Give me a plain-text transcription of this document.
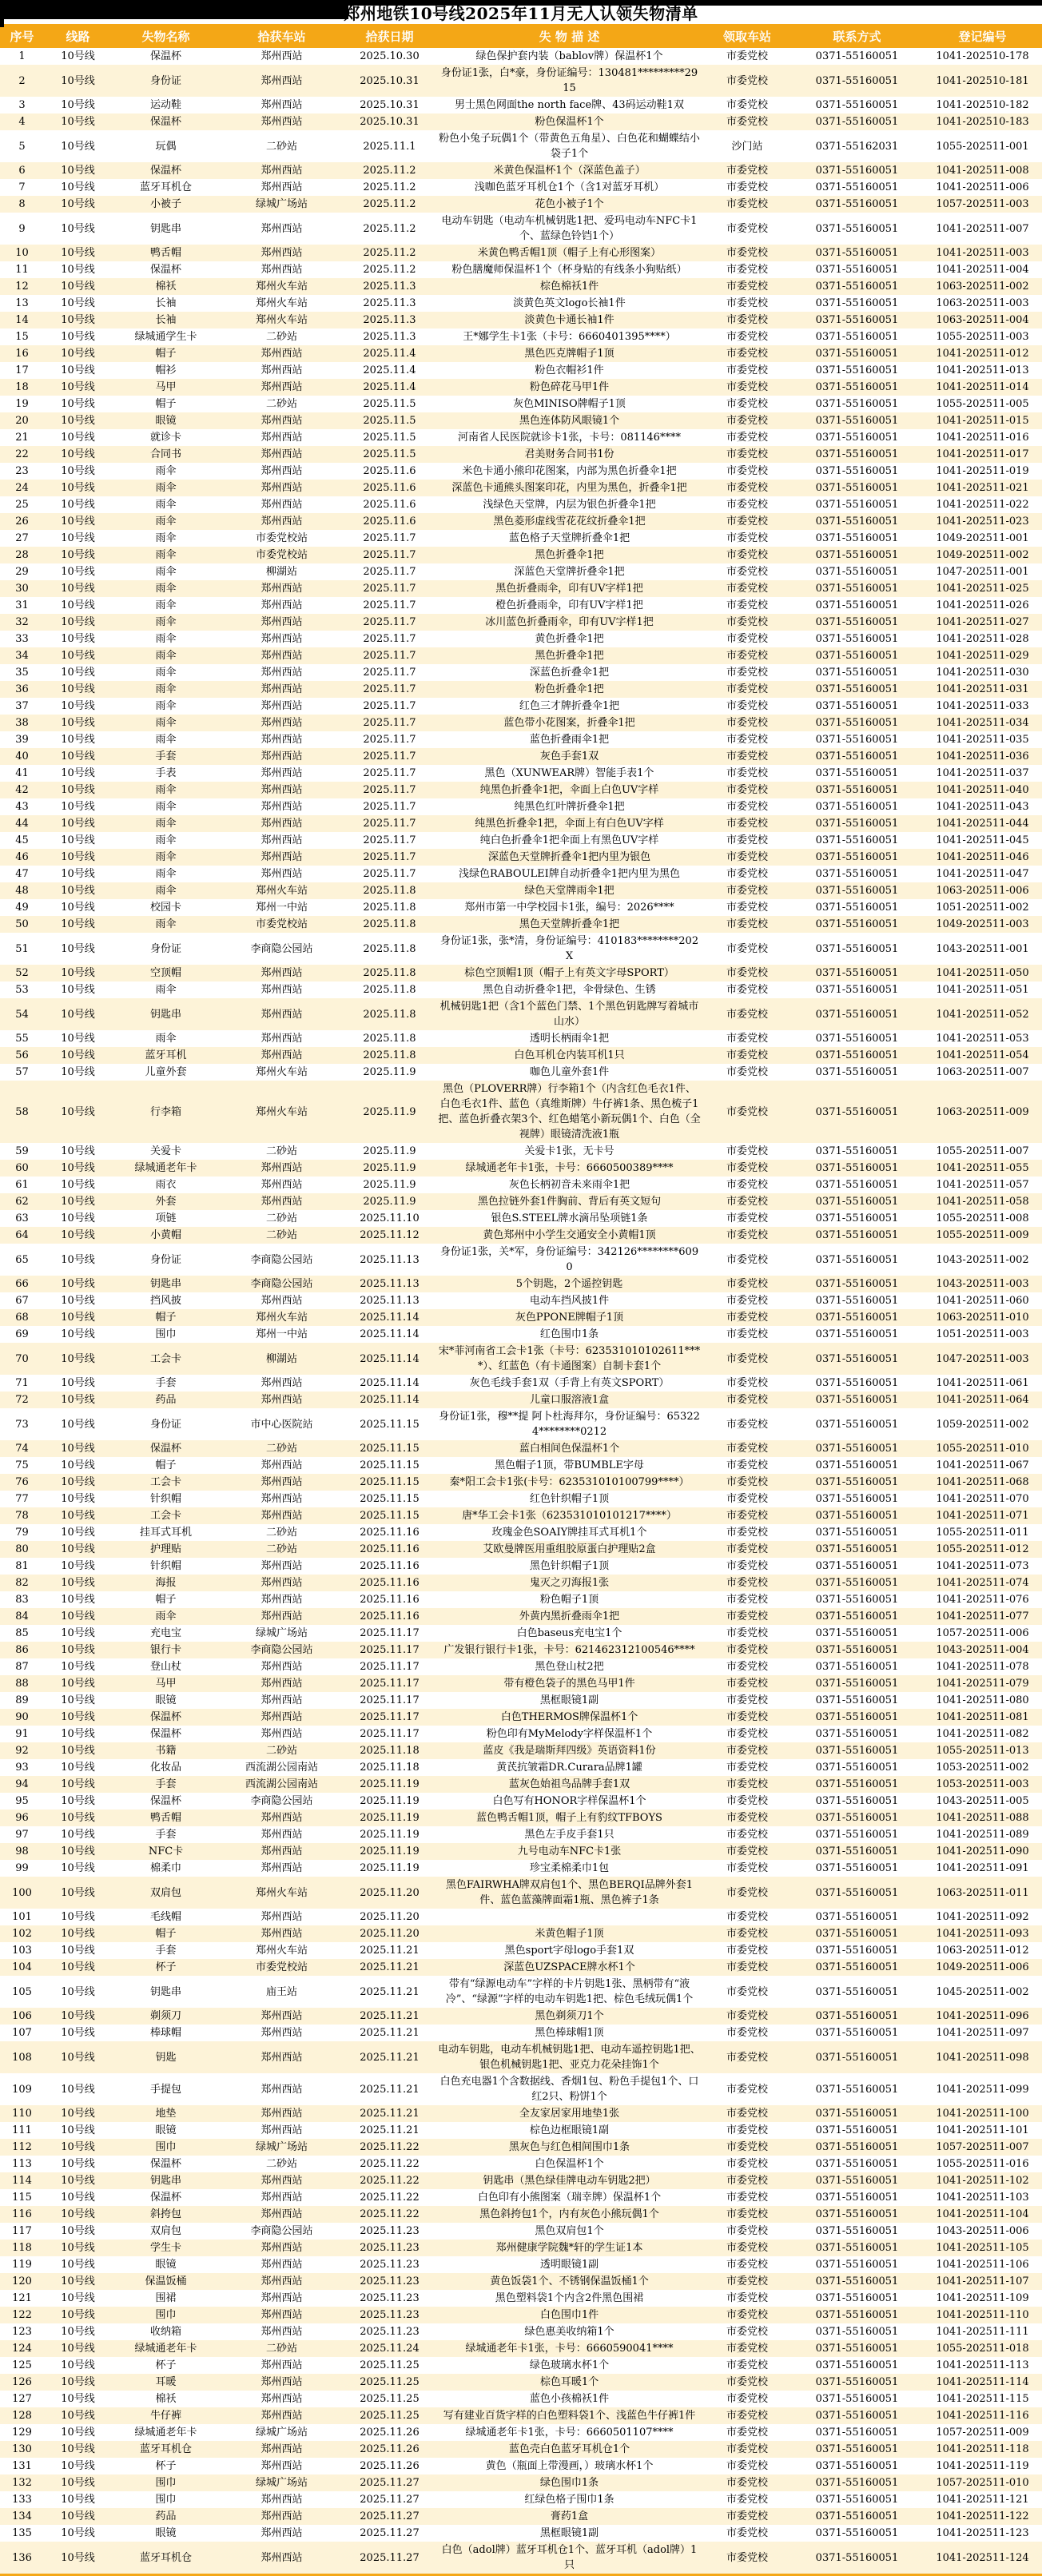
郑州地铁10号线2025年11月无人认领失物清单
序号	线路	失物名称	拾获车站	拾获日期	失 物 描 述	领取车站	联系方式	登记编号
1	10号线	保温杯	郑州西站	2025.10.30	绿色保护套内装（bablov牌）保温杯1个	市委党校	0371-55160051	1041-202510-178
2	10号线	身份证	郑州西站	2025.10.31	身份证1张，白*豪，身份证编号：130481*********2915	市委党校	0371-55160051	1041-202510-181
3	10号线	运动鞋	郑州西站	2025.10.31	男士黑色网面the north face牌、43码运动鞋1双	市委党校	0371-55160051	1041-202510-182
4	10号线	保温杯	郑州西站	2025.10.31	粉色保温杯1个	市委党校	0371-55160051	1041-202510-183
5	10号线	玩偶	二砂站	2025.11.1	粉色小兔子玩偶1个（带黄色五角星）、白色花和蝴蝶结小袋子1个	沙门站	0371-55162031	1055-202511-001
6	10号线	保温杯	郑州西站	2025.11.2	米黄色保温杯1个（深蓝色盖子）	市委党校	0371-55160051	1041-202511-008
7	10号线	蓝牙耳机仓	郑州西站	2025.11.2	浅咖色蓝牙耳机仓1个（含1对蓝牙耳机）	市委党校	0371-55160051	1041-202511-006
8	10号线	小被子	绿城广场站	2025.11.2	花色小被子1个	市委党校	0371-55160051	1057-202511-003
9	10号线	钥匙串	郑州西站	2025.11.2	电动车钥匙（电动车机械钥匙1把、爱玛电动车NFC卡1个、蓝绿色铃铛1个）	市委党校	0371-55160051	1041-202511-007
10	10号线	鸭舌帽	郑州西站	2025.11.2	米黄色鸭舌帽1顶（帽子上有心形图案）	市委党校	0371-55160051	1041-202511-003
11	10号线	保温杯	郑州西站	2025.11.2	粉色膳魔师保温杯1个（杯身贴的有线条小狗贴纸）	市委党校	0371-55160051	1041-202511-004
12	10号线	棉袄	郑州火车站	2025.11.3	棕色棉袄1件	市委党校	0371-55160051	1063-202511-002
13	10号线	长袖	郑州火车站	2025.11.3	淡黄色英文logo长袖1件	市委党校	0371-55160051	1063-202511-003
14	10号线	长袖	郑州火车站	2025.11.3	淡黄色卡通长袖1件	市委党校	0371-55160051	1063-202511-004
15	10号线	绿城通学生卡	二砂站	2025.11.3	王*娜学生卡1张（卡号：6660401395****）	市委党校	0371-55160051	1055-202511-003
16	10号线	帽子	郑州西站	2025.11.4	黑色匹克牌帽子1顶	市委党校	0371-55160051	1041-202511-012
17	10号线	帽衫	郑州西站	2025.11.4	粉色衣帽衫1件	市委党校	0371-55160051	1041-202511-013
18	10号线	马甲	郑州西站	2025.11.4	粉色碎花马甲1件	市委党校	0371-55160051	1041-202511-014
19	10号线	帽子	二砂站	2025.11.5	灰色MINISO牌帽子1顶	市委党校	0371-55160051	1055-202511-005
20	10号线	眼镜	郑州西站	2025.11.5	黑色连体防风眼镜1个	市委党校	0371-55160051	1041-202511-015
21	10号线	就诊卡	郑州西站	2025.11.5	河南省人民医院就诊卡1张，卡号：081146****	市委党校	0371-55160051	1041-202511-016
22	10号线	合同书	郑州西站	2025.11.5	君美财务合同书1份	市委党校	0371-55160051	1041-202511-017
23	10号线	雨伞	郑州西站	2025.11.6	米色卡通小熊印花图案，内部为黑色折叠伞1把	市委党校	0371-55160051	1041-202511-019
24	10号线	雨伞	郑州西站	2025.11.6	深蓝色卡通熊头图案印花，内里为黑色，折叠伞1把	市委党校	0371-55160051	1041-202511-021
25	10号线	雨伞	郑州西站	2025.11.6	浅绿色天堂牌，内层为银色折叠伞1把	市委党校	0371-55160051	1041-202511-022
26	10号线	雨伞	郑州西站	2025.11.6	黑色菱形虚线雪花花纹折叠伞1把	市委党校	0371-55160051	1041-202511-023
27	10号线	雨伞	市委党校站	2025.11.7	蓝色格子天堂牌折叠伞1把	市委党校	0371-55160051	1049-202511-001
28	10号线	雨伞	市委党校站	2025.11.7	黑色折叠伞1把	市委党校	0371-55160051	1049-202511-002
29	10号线	雨伞	柳湖站	2025.11.7	深蓝色天堂牌折叠伞1把	市委党校	0371-55160051	1047-202511-001
30	10号线	雨伞	郑州西站	2025.11.7	黑色折叠雨伞，印有UV字样1把	市委党校	0371-55160051	1041-202511-025
31	10号线	雨伞	郑州西站	2025.11.7	橙色折叠雨伞，印有UV字样1把	市委党校	0371-55160051	1041-202511-026
32	10号线	雨伞	郑州西站	2025.11.7	冰川蓝色折叠雨伞，印有UV字样1把	市委党校	0371-55160051	1041-202511-027
33	10号线	雨伞	郑州西站	2025.11.7	黄色折叠伞1把	市委党校	0371-55160051	1041-202511-028
34	10号线	雨伞	郑州西站	2025.11.7	黑色折叠伞1把	市委党校	0371-55160051	1041-202511-029
35	10号线	雨伞	郑州西站	2025.11.7	深蓝色折叠伞1把	市委党校	0371-55160051	1041-202511-030
36	10号线	雨伞	郑州西站	2025.11.7	粉色折叠伞1把	市委党校	0371-55160051	1041-202511-031
37	10号线	雨伞	郑州西站	2025.11.7	红色三才牌折叠伞1把	市委党校	0371-55160051	1041-202511-033
38	10号线	雨伞	郑州西站	2025.11.7	蓝色带小花图案，折叠伞1把	市委党校	0371-55160051	1041-202511-034
39	10号线	雨伞	郑州西站	2025.11.7	蓝色折叠雨伞1把	市委党校	0371-55160051	1041-202511-035
40	10号线	手套	郑州西站	2025.11.7	灰色手套1双	市委党校	0371-55160051	1041-202511-036
41	10号线	手表	郑州西站	2025.11.7	黑色（XUNWEAR牌）智能手表1个	市委党校	0371-55160051	1041-202511-037
42	10号线	雨伞	郑州西站	2025.11.7	纯黑色折叠伞1把，伞面上白色UV字样	市委党校	0371-55160051	1041-202511-040
43	10号线	雨伞	郑州西站	2025.11.7	纯黑色红叶牌折叠伞1把	市委党校	0371-55160051	1041-202511-043
44	10号线	雨伞	郑州西站	2025.11.7	纯黑色折叠伞1把，伞面上有白色UV字样	市委党校	0371-55160051	1041-202511-044
45	10号线	雨伞	郑州西站	2025.11.7	纯白色折叠伞1把伞面上有黑色UV字样	市委党校	0371-55160051	1041-202511-045
46	10号线	雨伞	郑州西站	2025.11.7	深蓝色天堂牌折叠伞1把内里为银色	市委党校	0371-55160051	1041-202511-046
47	10号线	雨伞	郑州西站	2025.11.7	浅绿色RABOULEI牌自动折叠伞1把内里为黑色	市委党校	0371-55160051	1041-202511-047
48	10号线	雨伞	郑州火车站	2025.11.8	绿色天堂牌雨伞1把	市委党校	0371-55160051	1063-202511-006
49	10号线	校园卡	郑州一中站	2025.11.8	郑州市第一中学校园卡1张，编号：2026****	市委党校	0371-55160051	1051-202511-002
50	10号线	雨伞	市委党校站	2025.11.8	黑色天堂牌折叠伞1把	市委党校	0371-55160051	1049-202511-003
51	10号线	身份证	李商隐公园站	2025.11.8	身份证1张，张*清，身份证编号：410183********202X	市委党校	0371-55160051	1043-202511-001
52	10号线	空顶帽	郑州西站	2025.11.8	棕色空顶帽1顶（帽子上有英文字母SPORT）	市委党校	0371-55160051	1041-202511-050
53	10号线	雨伞	郑州西站	2025.11.8	黑色自动折叠伞1把，伞骨绿色、生锈	市委党校	0371-55160051	1041-202511-051
54	10号线	钥匙串	郑州西站	2025.11.8	机械钥匙1把（含1个蓝色门禁、1个黑色钥匙牌写着城市山水）	市委党校	0371-55160051	1041-202511-052
55	10号线	雨伞	郑州西站	2025.11.8	透明长柄雨伞1把	市委党校	0371-55160051	1041-202511-053
56	10号线	蓝牙耳机	郑州西站	2025.11.8	白色耳机仓内装耳机1只	市委党校	0371-55160051	1041-202511-054
57	10号线	儿童外套	郑州火车站	2025.11.9	咖色儿童外套1件	市委党校	0371-55160051	1063-202511-007
58	10号线	行李箱	郑州火车站	2025.11.9	黑色（PLOVERR牌）行李箱1个（内含红色毛衣1件、白色毛衣1件、蓝色（真维斯牌）牛仔裤1条、黑色梳子1把、蓝色折叠衣架3个、红色蜡笔小新玩偶1个、白色（全视牌）眼镜清洗液1瓶	市委党校	0371-55160051	1063-202511-009
59	10号线	关爱卡	二砂站	2025.11.9	关爱卡1张，无卡号	市委党校	0371-55160051	1055-202511-007
60	10号线	绿城通老年卡	郑州西站	2025.11.9	绿城通老年卡1张，卡号：6660500389****	市委党校	0371-55160051	1041-202511-055
61	10号线	雨衣	郑州西站	2025.11.9	灰色长柄初音未来雨伞1把	市委党校	0371-55160051	1041-202511-057
62	10号线	外套	郑州西站	2025.11.9	黑色拉链外套1件胸前、背后有英文短句	市委党校	0371-55160051	1041-202511-058
63	10号线	项链	二砂站	2025.11.10	银色S.STEEL牌水滴吊坠项链1条	市委党校	0371-55160051	1055-202511-008
64	10号线	小黄帽	二砂站	2025.11.12	黄色郑州中小学生交通安全小黄帽1顶	市委党校	0371-55160051	1055-202511-009
65	10号线	身份证	李商隐公园站	2025.11.13	身份证1张，关*军，身份证编号：342126********6090	市委党校	0371-55160051	1043-202511-002
66	10号线	钥匙串	李商隐公园站	2025.11.13	5个钥匙，2个遥控钥匙	市委党校	0371-55160051	1043-202511-003
67	10号线	挡风披	郑州西站	2025.11.13	电动车挡风披1件	市委党校	0371-55160051	1041-202511-060
68	10号线	帽子	郑州火车站	2025.11.14	灰色PPONE牌帽子1顶	市委党校	0371-55160051	1063-202511-010
69	10号线	围巾	郑州一中站	2025.11.14	红色围巾1条	市委党校	0371-55160051	1051-202511-003
70	10号线	工会卡	柳湖站	2025.11.14	宋*菲河南省工会卡1张（卡号：623531010102611****）、红蓝色（有卡通图案）自制卡套1个	市委党校	0371-55160051	1047-202511-003
71	10号线	手套	郑州西站	2025.11.14	灰色毛线手套1双（手背上有英文SPORT）	市委党校	0371-55160051	1041-202511-061
72	10号线	药品	郑州西站	2025.11.14	儿童口服溶液1盒	市委党校	0371-55160051	1041-202511-064
73	10号线	身份证	市中心医院站	2025.11.15	身份证1张，穆**提 阿卜杜海拜尔，身份证编号：653224********0212	市委党校	0371-55160051	1059-202511-002
74	10号线	保温杯	二砂站	2025.11.15	蓝白相间色保温杯1个	市委党校	0371-55160051	1055-202511-010
75	10号线	帽子	郑州西站	2025.11.15	黑色帽子1顶，带BUMBLE字母	市委党校	0371-55160051	1041-202511-067
76	10号线	工会卡	郑州西站	2025.11.15	秦*阳工会卡1张(卡号：623531010100799****）	市委党校	0371-55160051	1041-202511-068
77	10号线	针织帽	郑州西站	2025.11.15	红色针织帽子1顶	市委党校	0371-55160051	1041-202511-070
78	10号线	工会卡	郑州西站	2025.11.15	唐*华工会卡1张（623531010101217****）	市委党校	0371-55160051	1041-202511-071
79	10号线	挂耳式耳机	二砂站	2025.11.16	玫瑰金色SOAIY牌挂耳式耳机1个	市委党校	0371-55160051	1055-202511-011
80	10号线	护理贴	二砂站	2025.11.16	艾欧曼牌医用重组胶原蛋白护理贴2盒	市委党校	0371-55160051	1055-202511-012
81	10号线	针织帽	郑州西站	2025.11.16	黑色针织帽子1顶	市委党校	0371-55160051	1041-202511-073
82	10号线	海报	郑州西站	2025.11.16	鬼灭之刃海报1张	市委党校	0371-55160051	1041-202511-074
83	10号线	帽子	郑州西站	2025.11.16	粉色帽子1顶	市委党校	0371-55160051	1041-202511-076
84	10号线	雨伞	郑州西站	2025.11.16	外黄内黑折叠雨伞1把	市委党校	0371-55160051	1041-202511-077
85	10号线	充电宝	绿城广场站	2025.11.17	白色baseus充电宝1个	市委党校	0371-55160051	1057-202511-006
86	10号线	银行卡	李商隐公园站	2025.11.17	广发银行银行卡1张，卡号：621462312100546****	市委党校	0371-55160051	1043-202511-004
87	10号线	登山杖	郑州西站	2025.11.17	黑色登山杖2把	市委党校	0371-55160051	1041-202511-078
88	10号线	马甲	郑州西站	2025.11.17	带有橙色袋子的黑色马甲1件	市委党校	0371-55160051	1041-202511-079
89	10号线	眼镜	郑州西站	2025.11.17	黑框眼镜1副	市委党校	0371-55160051	1041-202511-080
90	10号线	保温杯	郑州西站	2025.11.17	白色THERMOS牌保温杯1个	市委党校	0371-55160051	1041-202511-081
91	10号线	保温杯	郑州西站	2025.11.17	粉色印有MyMelody字样保温杯1个	市委党校	0371-55160051	1041-202511-082
92	10号线	书籍	二砂站	2025.11.18	蓝皮《我是瑞斯拜四级》英语资料1份	市委党校	0371-55160051	1055-202511-013
93	10号线	化妆品	西流湖公园南站	2025.11.18	黄芪抗皱霜DR.Curara品牌1罐	市委党校	0371-55160051	1053-202511-002
94	10号线	手套	西流湖公园南站	2025.11.19	蓝灰色始祖鸟品牌手套1双	市委党校	0371-55160051	1053-202511-003
95	10号线	保温杯	李商隐公园站	2025.11.19	白色写有HONOR字样保温杯1个	市委党校	0371-55160051	1043-202511-005
96	10号线	鸭舌帽	郑州西站	2025.11.19	蓝色鸭舌帽1顶，帽子上有豹纹TFBOYS	市委党校	0371-55160051	1041-202511-088
97	10号线	手套	郑州西站	2025.11.19	黑色左手皮手套1只	市委党校	0371-55160051	1041-202511-089
98	10号线	NFC卡	郑州西站	2025.11.19	九号电动车NFC卡1张	市委党校	0371-55160051	1041-202511-090
99	10号线	棉柔巾	郑州西站	2025.11.19	珍宝柔棉柔巾1包	市委党校	0371-55160051	1041-202511-091
100	10号线	双肩包	郑州火车站	2025.11.20	黑色FAIRWHA牌双肩包1个、黑色BERQI品牌外套1件、蓝色蓝藻牌面霜1瓶、黑色裤子1条	市委党校	0371-55160051	1063-202511-011
101	10号线	毛线帽	郑州西站	2025.11.20		市委党校	0371-55160051	1041-202511-092
102	10号线	帽子	郑州西站	2025.11.20	米黄色帽子1顶	市委党校	0371-55160051	1041-202511-093
103	10号线	手套	郑州火车站	2025.11.21	黑色sport字母logo手套1双	市委党校	0371-55160051	1063-202511-012
104	10号线	杯子	市委党校站	2025.11.21	深蓝色UZSPACE牌水杯1个	市委党校	0371-55160051	1049-202511-006
105	10号线	钥匙串	庙王站	2025.11.21	带有“绿源电动车”字样的卡片钥匙1张、黑柄带有“液冷”、“绿源”字样的电动车钥匙1把、棕色毛绒玩偶1个	市委党校	0371-55160051	1045-202511-002
106	10号线	剃须刀	郑州西站	2025.11.21	黑色剃须刀1个	市委党校	0371-55160051	1041-202511-096
107	10号线	棒球帽	郑州西站	2025.11.21	黑色棒球帽1顶	市委党校	0371-55160051	1041-202511-097
108	10号线	钥匙	郑州西站	2025.11.21	电动车钥匙，电动车机械钥匙1把、电动车遥控钥匙1把、银色机械钥匙1把、亚克力花朵挂饰1个	市委党校	0371-55160051	1041-202511-098
109	10号线	手提包	郑州西站	2025.11.21	白色充电器1个含数据线、香烟1包、粉色手提包1个、口红2只、粉饼1个	市委党校	0371-55160051	1041-202511-099
110	10号线	地垫	郑州西站	2025.11.21	全友家居家用地垫1张	市委党校	0371-55160051	1041-202511-100
111	10号线	眼镜	郑州西站	2025.11.21	棕色边框眼镜1副	市委党校	0371-55160051	1041-202511-101
112	10号线	围巾	绿城广场站	2025.11.22	黑灰色与红色相间围巾1条	市委党校	0371-55160051	1057-202511-007
113	10号线	保温杯	二砂站	2025.11.22	白色保温杯1个	市委党校	0371-55160051	1055-202511-016
114	10号线	钥匙串	郑州西站	2025.11.22	钥匙串（黑色绿佳牌电动车钥匙2把）	市委党校	0371-55160051	1041-202511-102
115	10号线	保温杯	郑州西站	2025.11.22	白色印有小熊图案（瑞幸牌）保温杯1个	市委党校	0371-55160051	1041-202511-103
116	10号线	斜挎包	郑州西站	2025.11.22	黑色斜挎包1个，内有灰色小熊玩偶1个	市委党校	0371-55160051	1041-202511-104
117	10号线	双肩包	李商隐公园站	2025.11.23	黑色双肩包1个	市委党校	0371-55160051	1043-202511-006
118	10号线	学生卡	郑州西站	2025.11.23	郑州健康学院魏*轩的学生证1本	市委党校	0371-55160051	1041-202511-105
119	10号线	眼镜	郑州西站	2025.11.23	透明眼镜1副	市委党校	0371-55160051	1041-202511-106
120	10号线	保温饭桶	郑州西站	2025.11.23	黄色饭袋1个、不锈钢保温饭桶1个	市委党校	0371-55160051	1041-202511-107
121	10号线	围裙	郑州西站	2025.11.23	黑色塑料袋1个内含2件黑色围裙	市委党校	0371-55160051	1041-202511-109
122	10号线	围巾	郑州西站	2025.11.23	白色围巾1件	市委党校	0371-55160051	1041-202511-110
123	10号线	收纳箱	郑州西站	2025.11.23	绿色惠美收纳箱1个	市委党校	0371-55160051	1041-202511-111
124	10号线	绿城通老年卡	二砂站	2025.11.24	绿城通老年卡1张，卡号：6660590041****	市委党校	0371-55160051	1055-202511-018
125	10号线	杯子	郑州西站	2025.11.25	绿色玻璃水杯1个	市委党校	0371-55160051	1041-202511-113
126	10号线	耳暖	郑州西站	2025.11.25	棕色耳暖1个	市委党校	0371-55160051	1041-202511-114
127	10号线	棉袄	郑州西站	2025.11.25	蓝色小孩棉袄1件	市委党校	0371-55160051	1041-202511-115
128	10号线	牛仔裤	郑州西站	2025.11.25	写有建业百货字样的白色塑料袋1个、浅蓝色牛仔裤1件	市委党校	0371-55160051	1041-202511-116
129	10号线	绿城通老年卡	绿城广场站	2025.11.26	绿城通老年卡1张，卡号：6660501107****	市委党校	0371-55160051	1057-202511-009
130	10号线	蓝牙耳机仓	郑州西站	2025.11.26	蓝色壳白色蓝牙耳机仓1个	市委党校	0371-55160051	1041-202511-118
131	10号线	杯子	郑州西站	2025.11.26	黄色（瓶面上带漫画，）玻璃水杯1个	市委党校	0371-55160051	1041-202511-119
132	10号线	围巾	绿城广场站	2025.11.27	绿色围巾1条	市委党校	0371-55160051	1057-202511-010
133	10号线	围巾	郑州西站	2025.11.27	红绿色格子围巾1条	市委党校	0371-55160051	1041-202511-121
134	10号线	药品	郑州西站	2025.11.27	膏药1盒	市委党校	0371-55160051	1041-202511-122
135	10号线	眼镜	郑州西站	2025.11.27	黑框眼镜1副	市委党校	0371-55160051	1041-202511-123
136	10号线	蓝牙耳机仓	郑州西站	2025.11.27	白色（adol牌）蓝牙耳机仓1个、蓝牙耳机（adol牌）1只	市委党校	0371-55160051	1041-202511-124
